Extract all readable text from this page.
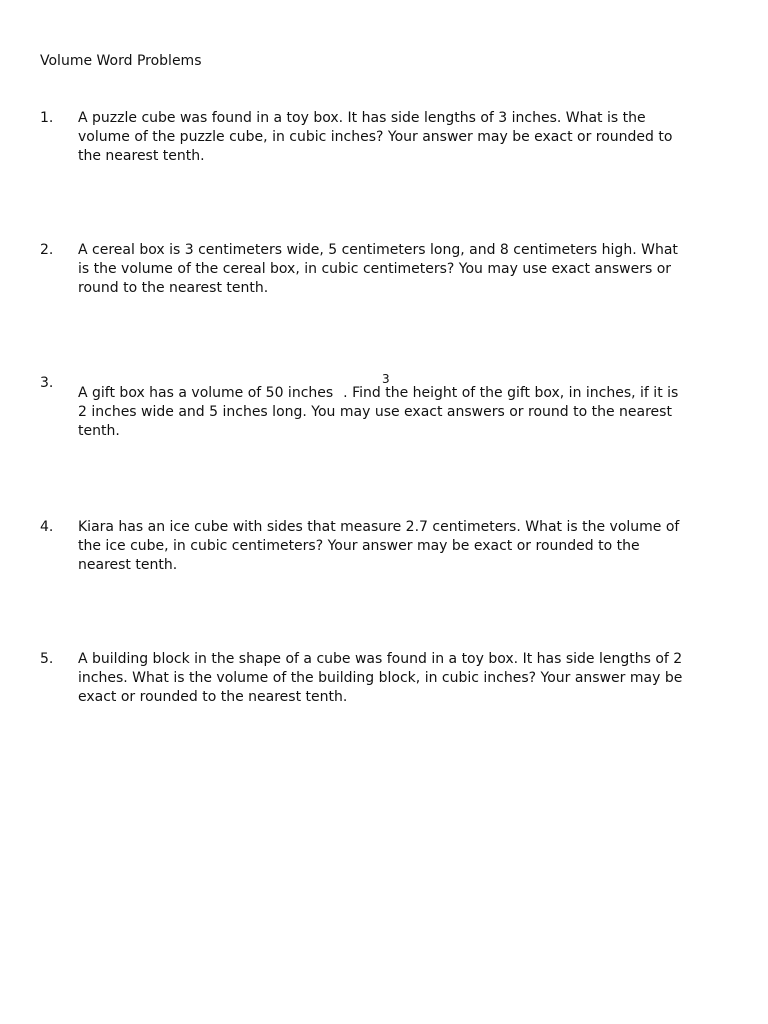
Volume Word Problems
1.	A puzzle cube was found in a toy box. It has side lengths of 3 inches. What is the
volume of the puzzle cube, in cubic inches? Your answer may be exact or rounded to
the nearest tenth.
2.	A cereal box is 3 centimeters wide, 5 centimeters long, and 8 centimeters high. What
is the volume of the cereal box, in cubic centimeters? You may use exact answers or
round to the nearest tenth.
3.	3
A gift box has a volume of 50 inches . Find the height of the gift box, in inches, if it is
2 inches wide and 5 inches long. You may use exact answers or round to the nearest
tenth.
4.	Kiara has an ice cube with sides that measure 2.7 centimeters. What is the volume of
the ice cube, in cubic centimeters? Your answer may be exact or rounded to the
nearest tenth.
5.	A building block in the shape of a cube was found in a toy box. It has side lengths of 2
inches. What is the volume of the building block, in cubic inches? Your answer may be
exact or rounded to the nearest tenth.
